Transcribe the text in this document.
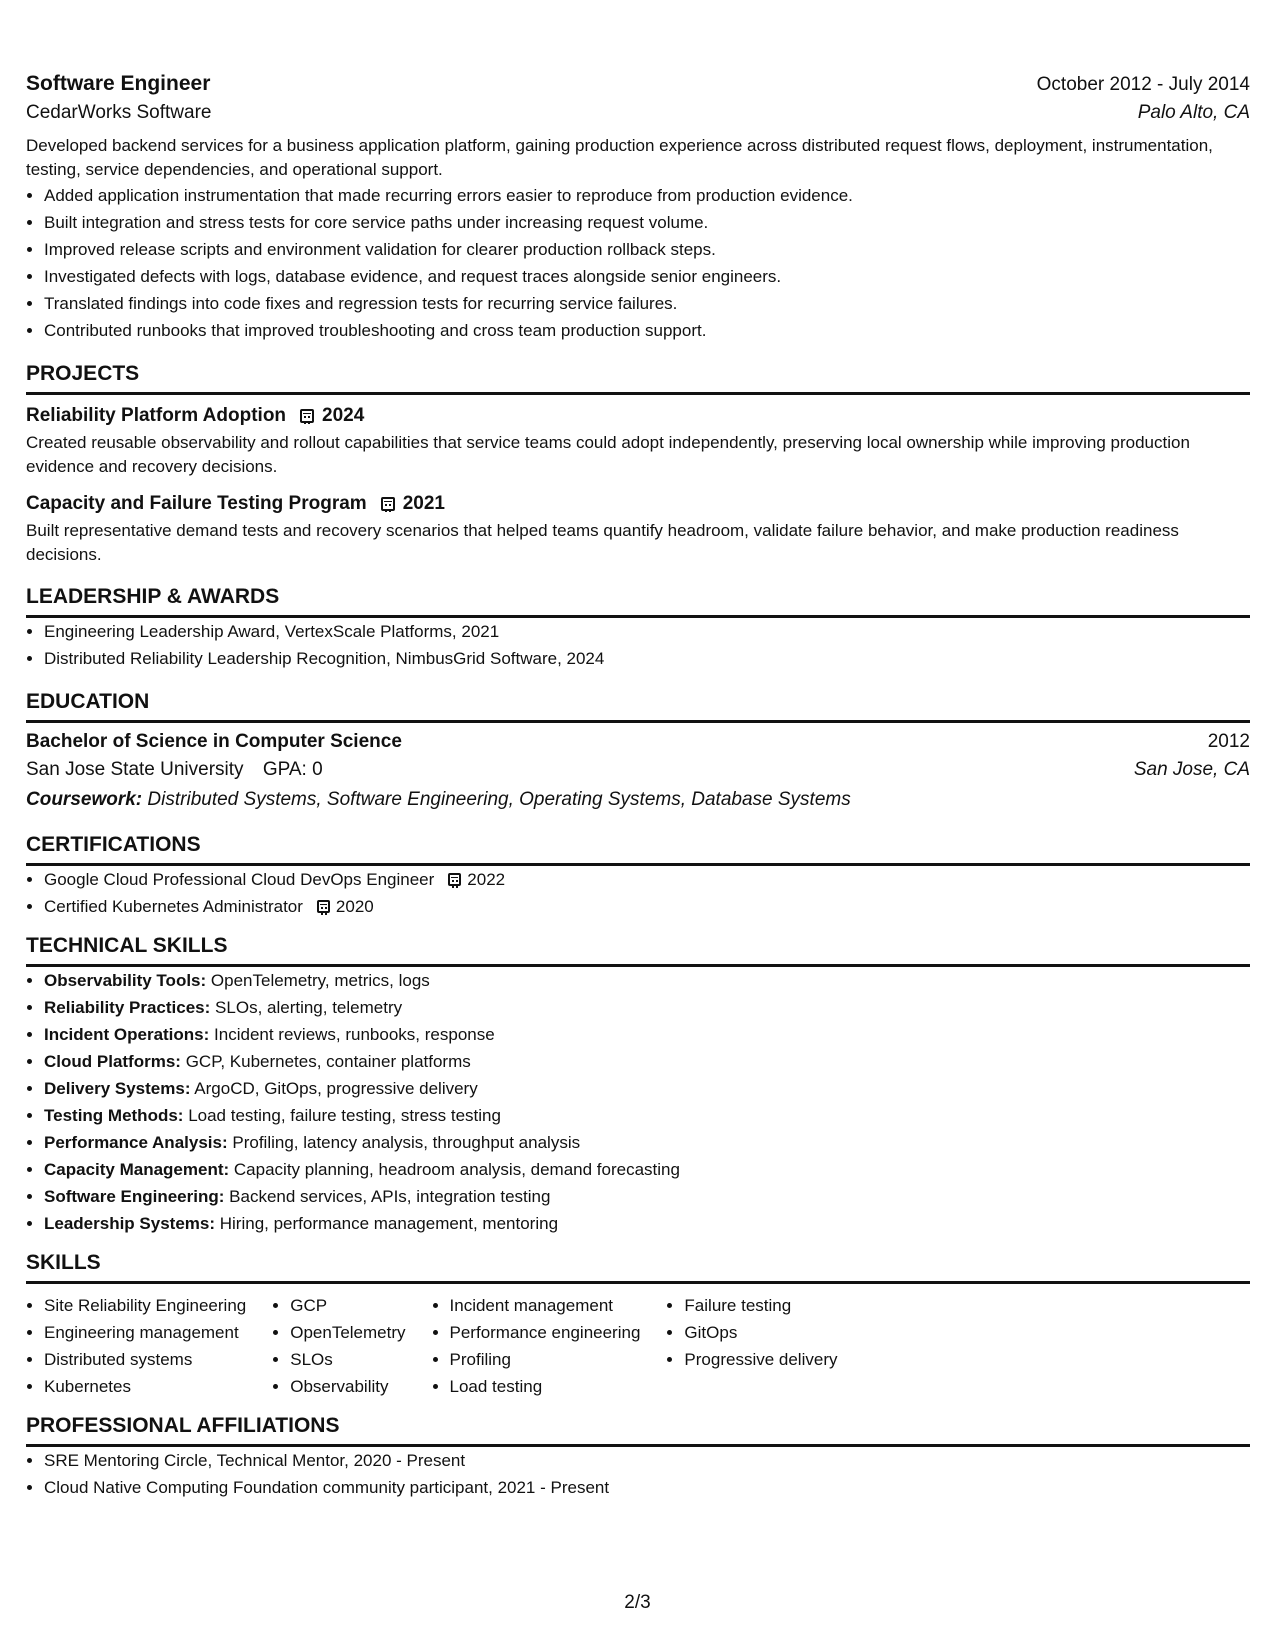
Software Engineer	October 2012 - July 2014
CedarWorks Software	Palo Alto, CA
Developed backend services for a business application platform, gaining production experience across distributed request flows, deployment, instrumentation, testing, service dependencies, and operational support.
• Added application instrumentation that made recurring errors easier to reproduce from production evidence.
• Built integration and stress tests for core service paths under increasing request volume.
• Improved release scripts and environment validation for clearer production rollback steps.
• Investigated defects with logs, database evidence, and request traces alongside senior engineers.
• Translated findings into code fixes and regression tests for recurring service failures.
• Contributed runbooks that improved troubleshooting and cross team production support.
PROJECTS
Reliability Platform Adoption 2024
Created reusable observability and rollout capabilities that service teams could adopt independently, preserving local ownership while improving production evidence and recovery decisions.
Capacity and Failure Testing Program 2021
Built representative demand tests and recovery scenarios that helped teams quantify headroom, validate failure behavior, and make production readiness decisions.
LEADERSHIP & AWARDS
• Engineering Leadership Award, VertexScale Platforms, 2021
• Distributed Reliability Leadership Recognition, NimbusGrid Software, 2024
EDUCATION
Bachelor of Science in Computer Science	2012
San Jose State University GPA: 0	San Jose, CA
Coursework: Distributed Systems, Software Engineering, Operating Systems, Database Systems
CERTIFICATIONS
• Google Cloud Professional Cloud DevOps Engineer 2022
• Certified Kubernetes Administrator 2020
TECHNICAL SKILLS
• Observability Tools: OpenTelemetry, metrics, logs
• Reliability Practices: SLOs, alerting, telemetry
• Incident Operations: Incident reviews, runbooks, response
• Cloud Platforms: GCP, Kubernetes, container platforms
• Delivery Systems: ArgoCD, GitOps, progressive delivery
• Testing Methods: Load testing, failure testing, stress testing
• Performance Analysis: Profiling, latency analysis, throughput analysis
• Capacity Management: Capacity planning, headroom analysis, demand forecasting
• Software Engineering: Backend services, APIs, integration testing
• Leadership Systems: Hiring, performance management, mentoring
SKILLS
• Site Reliability Engineering
• Engineering management
• Distributed systems
• Kubernetes
• GCP
• OpenTelemetry
• SLOs
• Observability
• Incident management
• Performance engineering
• Profiling
• Load testing
• Failure testing
• GitOps
• Progressive delivery
PROFESSIONAL AFFILIATIONS
• SRE Mentoring Circle, Technical Mentor, 2020 - Present
• Cloud Native Computing Foundation community participant, 2021 - Present
2/3
